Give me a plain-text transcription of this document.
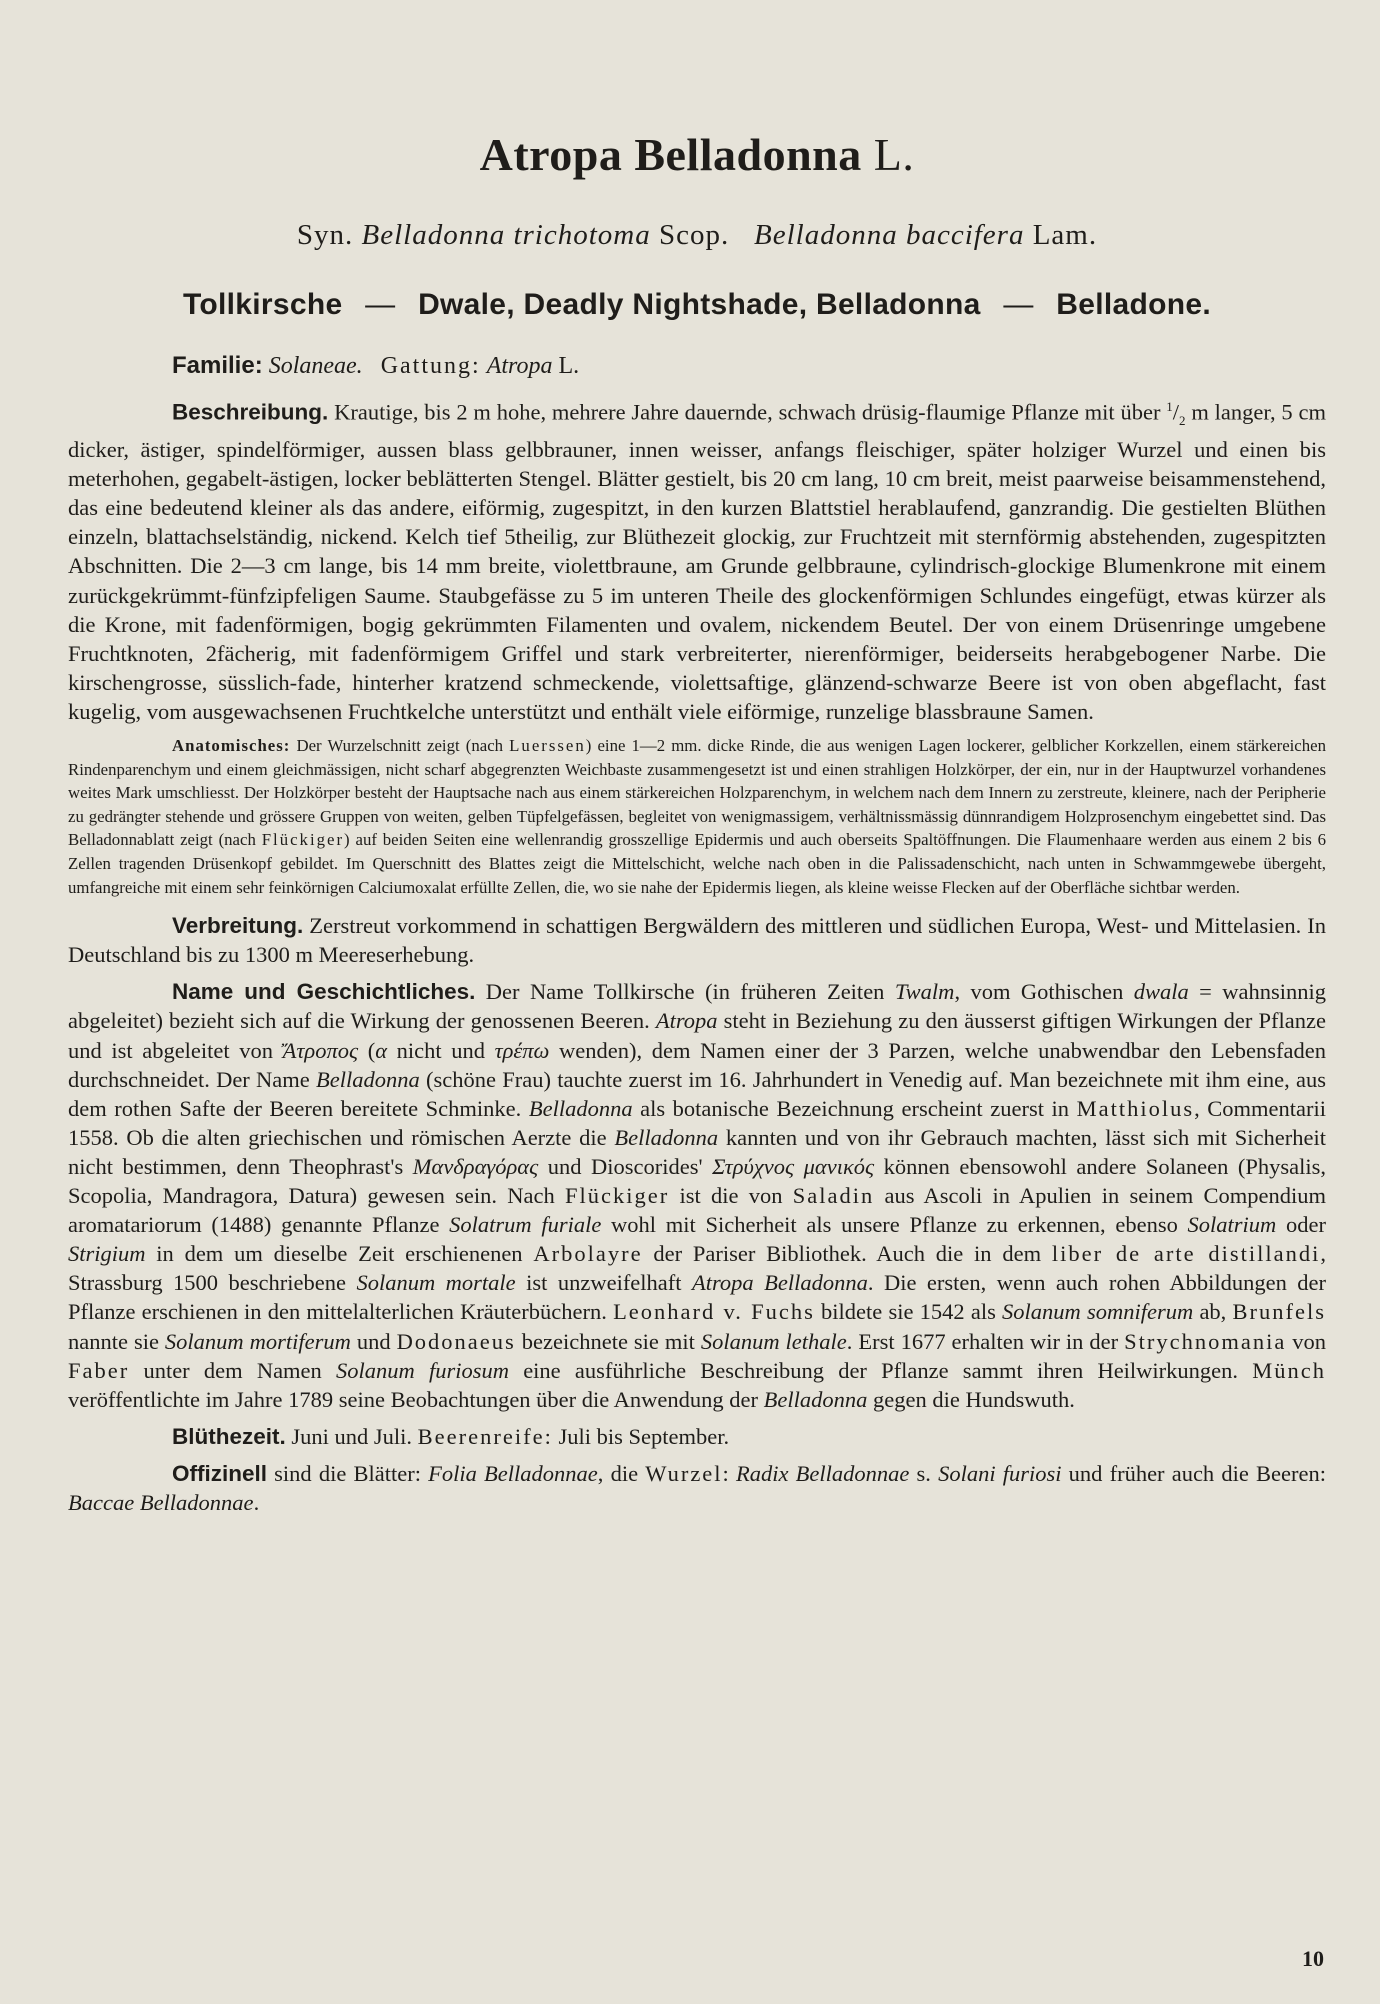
Atropa Belladonna L.
Syn. Belladonna trichotoma Scop. Belladonna baccifera Lam.
Tollkirsche — Dwale, Deadly Nightshade, Belladonna — Belladone.
Familie: Solaneae. Gattung: Atropa L.

Beschreibung. Krautige, bis 2 m hohe, mehrere Jahre dauernde, schwach drüsig-flaumige Pflanze mit über $^1/_2$ m langer, 5 cm dicker, ästiger, spindelförmiger, aussen blass gelbbrauner, innen weisser, anfangs fleischiger, später holziger Wurzel und einen bis meterhohen, gegabelt-ästigen, locker beblätterten Stengel. Blätter gestielt, bis 20 cm lang, 10 cm breit, meist paarweise beisammenstehend, das eine bedeutend kleiner als das andere, eiförmig, zugespitzt, in den kurzen Blattstiel herablaufend, ganzrandig. Die gestielten Blüthen einzeln, blattachselständig, nickend. Kelch tief 5theilig, zur Blüthezeit glockig, zur Fruchtzeit mit sternförmig abstehenden, zugespitzten Abschnitten. Die 2—3 cm lange, bis 14 mm breite, violettbraune, am Grunde gelbbraune, cylindrisch-glockige Blumenkrone mit einem zurückgekrümmt-fünfzipfeligen Saume. Staubgefässe zu 5 im unteren Theile des glockenförmigen Schlundes eingefügt, etwas kürzer als die Krone, mit fadenförmigen, bogig gekrümmten Filamenten und ovalem, nickendem Beutel. Der von einem Drüsenringe umgebene Fruchtknoten, 2fächerig, mit fadenförmigem Griffel und stark verbreiterter, nierenförmiger, beiderseits herabgebogener Narbe. Die kirschengrosse, süsslich-fade, hinterher kratzend schmeckende, violettsaftige, glänzend-schwarze Beere ist von oben abgeflacht, fast kugelig, vom ausgewachsenen Fruchtkelche unterstützt und enthält viele eiförmige, runzelige blassbraune Samen.

Anatomisches: Der Wurzelschnitt zeigt (nach Luerssen) eine 1—2 mm. dicke Rinde, die aus wenigen Lagen lockerer, gelblicher Korkzellen, einem stärkereichen Rindenparenchym und einem gleichmässigen, nicht scharf abgegrenzten Weichbaste zusammengesetzt ist und einen strahligen Holzkörper, der ein, nur in der Hauptwurzel vorhandenes weites Mark umschliesst. Der Holzkörper besteht der Hauptsache nach aus einem stärkereichen Holzparenchym, in welchem nach dem Innern zu zerstreute, kleinere, nach der Peripherie zu gedrängter stehende und grössere Gruppen von weiten, gelben Tüpfelgefässen, begleitet von wenigmassigem, verhältnissmässig dünnrandigem Holzprosenchym eingebettet sind. Das Belladonnablatt zeigt (nach Flückiger) auf beiden Seiten eine wellenrandig grosszellige Epidermis und auch oberseits Spaltöffnungen. Die Flaumenhaare werden aus einem 2 bis 6 Zellen tragenden Drüsenkopf gebildet. Im Querschnitt des Blattes zeigt die Mittelschicht, welche nach oben in die Palissadenschicht, nach unten in Schwammgewebe übergeht, umfangreiche mit einem sehr feinkörnigen Calciumoxalat erfüllte Zellen, die, wo sie nahe der Epidermis liegen, als kleine weisse Flecken auf der Oberfläche sichtbar werden.

Verbreitung. Zerstreut vorkommend in schattigen Bergwäldern des mittleren und südlichen Europa, West- und Mittelasien. In Deutschland bis zu 1300 m Meereserhebung.

Name und Geschichtliches. Der Name Tollkirsche (in früheren Zeiten Twalm, vom Gothischen dwala = wahnsinnig abgeleitet) bezieht sich auf die Wirkung der genossenen Beeren. Atropa steht in Beziehung zu den äusserst giftigen Wirkungen der Pflanze und ist abgeleitet von Ἄτροπος (α nicht und τρέπω wenden), dem Namen einer der 3 Parzen, welche unabwendbar den Lebensfaden durchschneidet. Der Name Belladonna (schöne Frau) tauchte zuerst im 16. Jahrhundert in Venedig auf. Man bezeichnete mit ihm eine, aus dem rothen Safte der Beeren bereitete Schminke. Belladonna als botanische Bezeichnung erscheint zuerst in Matthiolus, Commentarii 1558. Ob die alten griechischen und römischen Aerzte die Belladonna kannten und von ihr Gebrauch machten, lässt sich mit Sicherheit nicht bestimmen, denn Theophrast's Μανδραγόρας und Dioscorides' Στρύχνος μανικός können ebensowohl andere Solaneen (Physalis, Scopolia, Mandragora, Datura) gewesen sein. Nach Flückiger ist die von Saladin aus Ascoli in Apulien in seinem Compendium aromatariorum (1488) genannte Pflanze Solatrum furiale wohl mit Sicherheit als unsere Pflanze zu erkennen, ebenso Solatrium oder Strigium in dem um dieselbe Zeit erschienenen Arbolayre der Pariser Bibliothek. Auch die in dem liber de arte distillandi, Strassburg 1500 beschriebene Solanum mortale ist unzweifelhaft Atropa Belladonna. Die ersten, wenn auch rohen Abbildungen der Pflanze erschienen in den mittelalterlichen Kräuterbüchern. Leonhard v. Fuchs bildete sie 1542 als Solanum somniferum ab, Brunfels nannte sie Solanum mortiferum und Dodonaeus bezeichnete sie mit Solanum lethale. Erst 1677 erhalten wir in der Strychnomania von Faber unter dem Namen Solanum furiosum eine ausführliche Beschreibung der Pflanze sammt ihren Heilwirkungen. Münch veröffentlichte im Jahre 1789 seine Beobachtungen über die Anwendung der Belladonna gegen die Hundswuth.

Blüthezeit. Juni und Juli. Beerenreife: Juli bis September.

Offizinell sind die Blätter: Folia Belladonnae, die Wurzel: Radix Belladonnae s. Solani furiosi und früher auch die Beeren: Baccae Belladonnae.

10
